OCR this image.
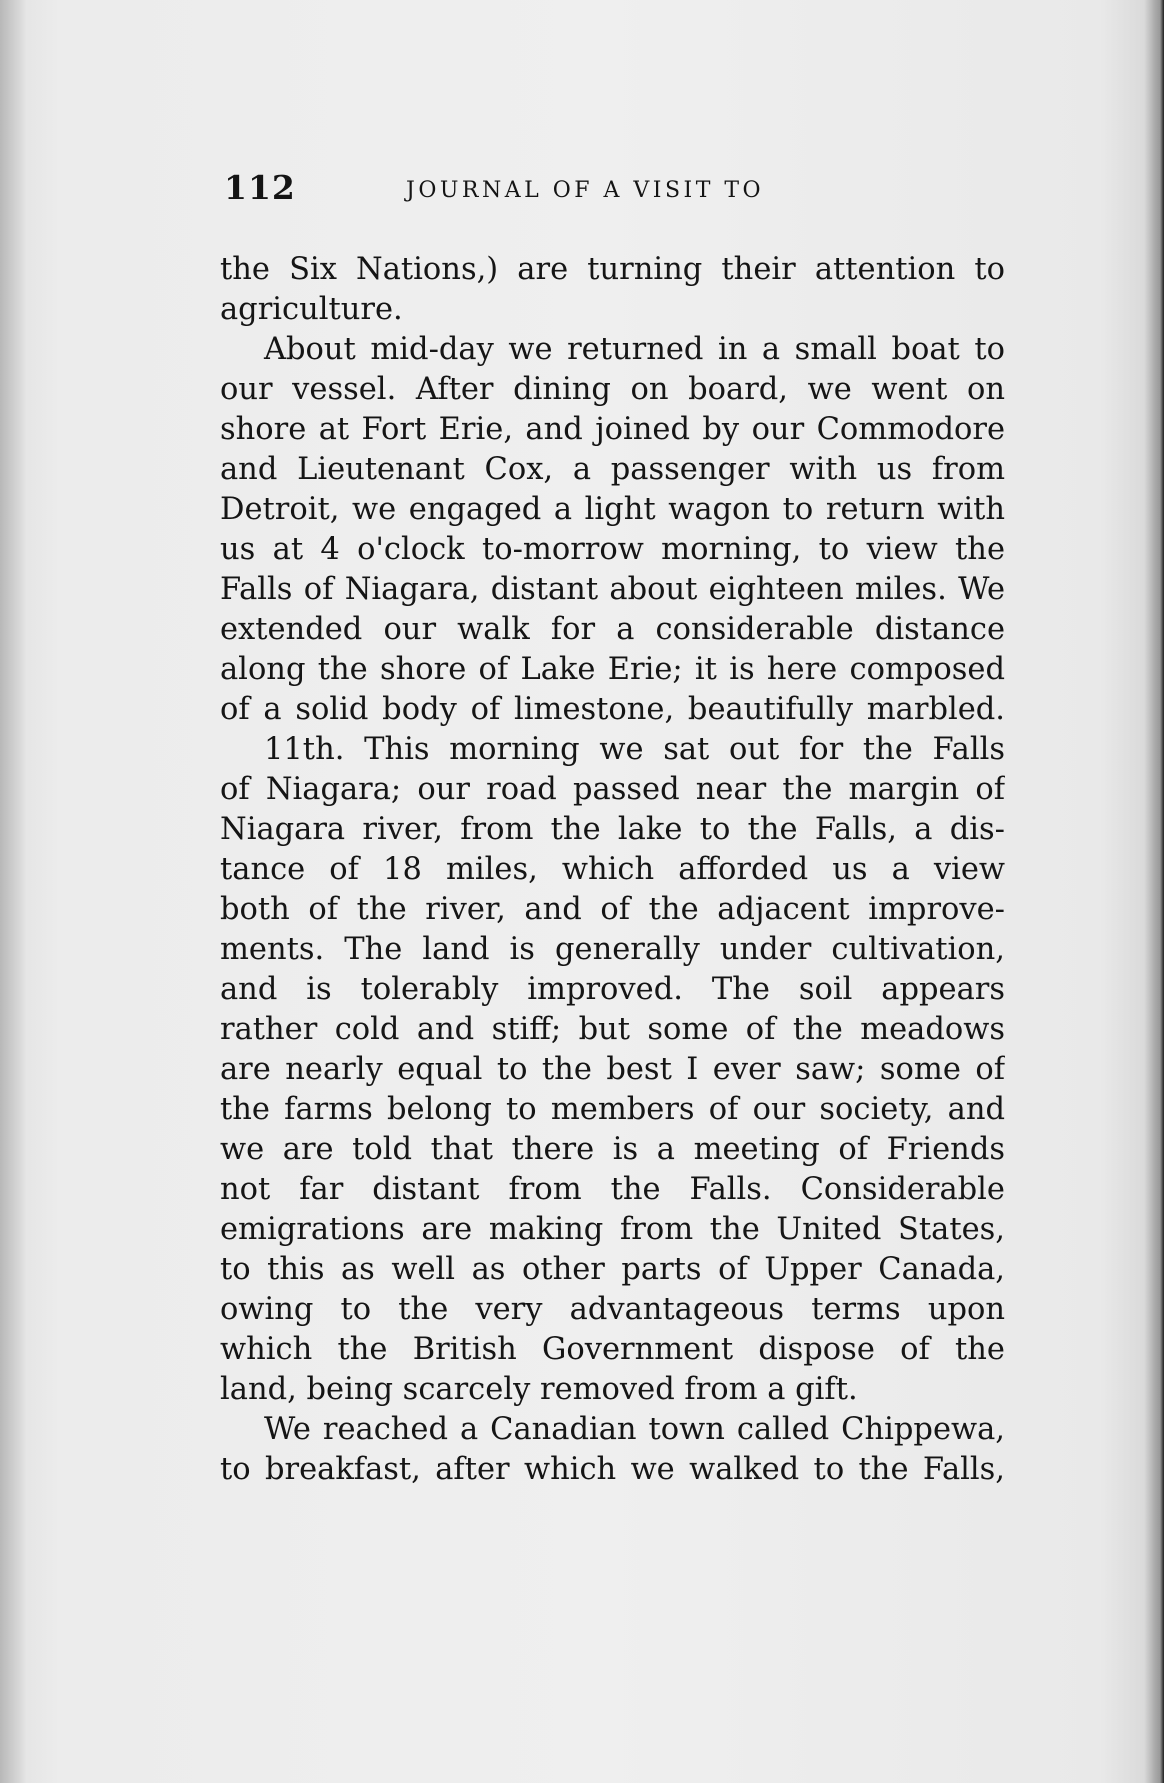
112	JOURNAL OF A VISIT TO
the Six Nations,) are turning their attention to
agriculture.
About mid-day we returned in a small boat to
our vessel. After dining on board, we went on
shore at Fort Erie, and joined by our Commodore
and Lieutenant Cox, a passenger with us from
Detroit, we engaged a light wagon to return with
us at 4 o'clock to-morrow morning, to view the
Falls of Niagara, distant about eighteen miles. We
extended our walk for a considerable distance
along the shore of Lake Erie; it is here composed
of a solid body of limestone, beautifully marbled.
11th. This morning we sat out for the Falls
of Niagara; our road passed near the margin of
Niagara river, from the lake to the Falls, a dis-
tance of 18 miles, which afforded us a view
both of the river, and of the adjacent improve-
ments. The land is generally under cultivation,
and is tolerably improved. The soil appears
rather cold and stiff; but some of the meadows
are nearly equal to the best I ever saw; some of
the farms belong to members of our society, and
we are told that there is a meeting of Friends
not far distant from the Falls. Considerable
emigrations are making from the United States,
to this as well as other parts of Upper Canada,
owing to the very advantageous terms upon
which the British Government dispose of the
land, being scarcely removed from a gift.
We reached a Canadian town called Chippewa,
to breakfast, after which we walked to the Falls,
